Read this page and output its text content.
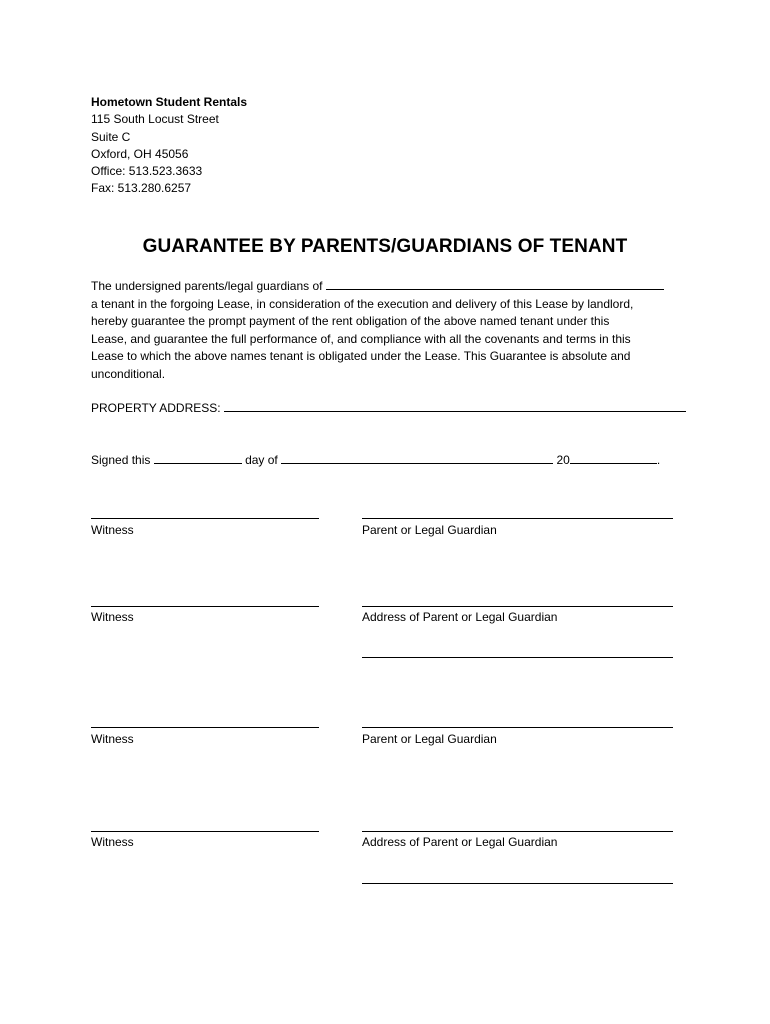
Hometown Student Rentals
115 South Locust Street
Suite C
Oxford, OH 45056
Office: 513.523.3633
Fax: 513.280.6257
GUARANTEE BY PARENTS/GUARDIANS OF TENANT
The undersigned parents/legal guardians of
a tenant in the forgoing Lease, in consideration of the execution and delivery of this Lease by landlord,
hereby guarantee the prompt payment of the rent obligation of the above named tenant under this
Lease, and guarantee the full performance of, and compliance with all the covenants and terms in this
Lease to which the above names tenant is obligated under the Lease. This Guarantee is absolute and
unconditional.
PROPERTY ADDRESS:
Signed this	day of	20	.
Witness	Parent or Legal Guardian
Witness	Address of Parent or Legal Guardian
Witness	Parent or Legal Guardian
Witness	Address of Parent or Legal Guardian
